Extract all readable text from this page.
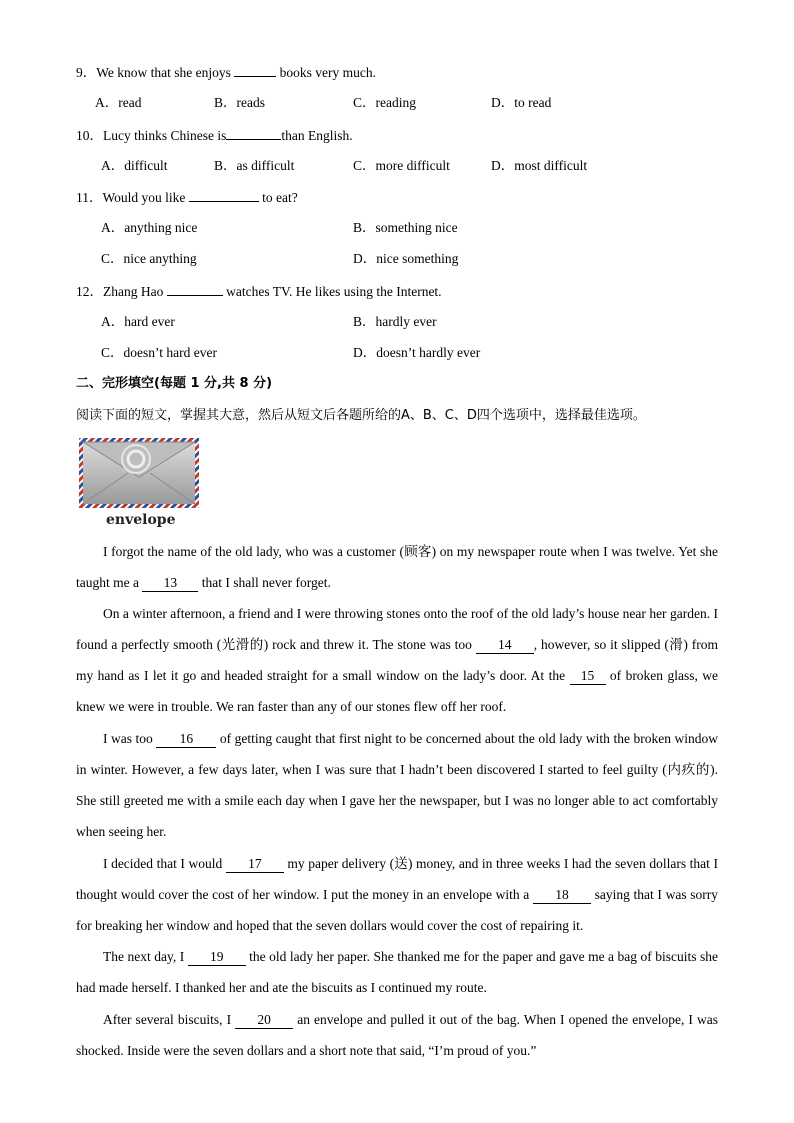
9．We know that she enjoys	books very much.
A．read	B．reads	C．reading	D．to read
10．Lucy thinks Chinese is	than English.
A．difficult	B．as difficult	C．more difficult	D．most difficult
11．Would you like	to eat?
A．anything nice	B．something nice
C．nice anything	D．nice something
12．Zhang Hao	watches TV. He likes using the Internet.
A．hard ever	B．hardly ever
C．doesn’t hard ever	D．doesn’t hardly ever
二、完形填空(每题 1 分,共 8 分)
阅读下面的短文，掌握其大意，然后从短文后各题所给的A、B、C、D四个选项中，选择最佳选项。
envelope
I forgot the name of the old lady, who was a customer (顾客) on my newspaper route when I was twelve. Yet she taught me a 13 that I shall never forget.
On a winter afternoon, a friend and I were throwing stones onto the roof of the old lady’s house near her garden. I found a perfectly smooth (光滑的) rock and threw it. The stone was too 14 , however, so it slipped (滑) from my hand as I let it go and headed straight for a small window on the lady’s door. At the 15 of broken glass, we knew we were in trouble. We ran faster than any of our stones flew off her roof.
I was too 16 of getting caught that first night to be concerned about the old lady with the broken window in winter. However, a few days later, when I was sure that I hadn’t been discovered I started to feel guilty (内疚的). She still greeted me with a smile each day when I gave her the newspaper, but I was no longer able to act comfortably when seeing her.
I decided that I would 17 my paper delivery (送) money, and in three weeks I had the seven dollars that I thought would cover the cost of her window. I put the money in an envelope with a 18 saying that I was sorry for breaking her window and hoped that the seven dollars would cover the cost of repairing it.
The next day, I 19 the old lady her paper. She thanked me for the paper and gave me a bag of biscuits she had made herself. I thanked her and ate the biscuits as I continued my route.
After several biscuits, I 20 an envelope and pulled it out of the bag. When I opened the envelope, I was shocked. Inside were the seven dollars and a short note that said, “I’m proud of you.”
